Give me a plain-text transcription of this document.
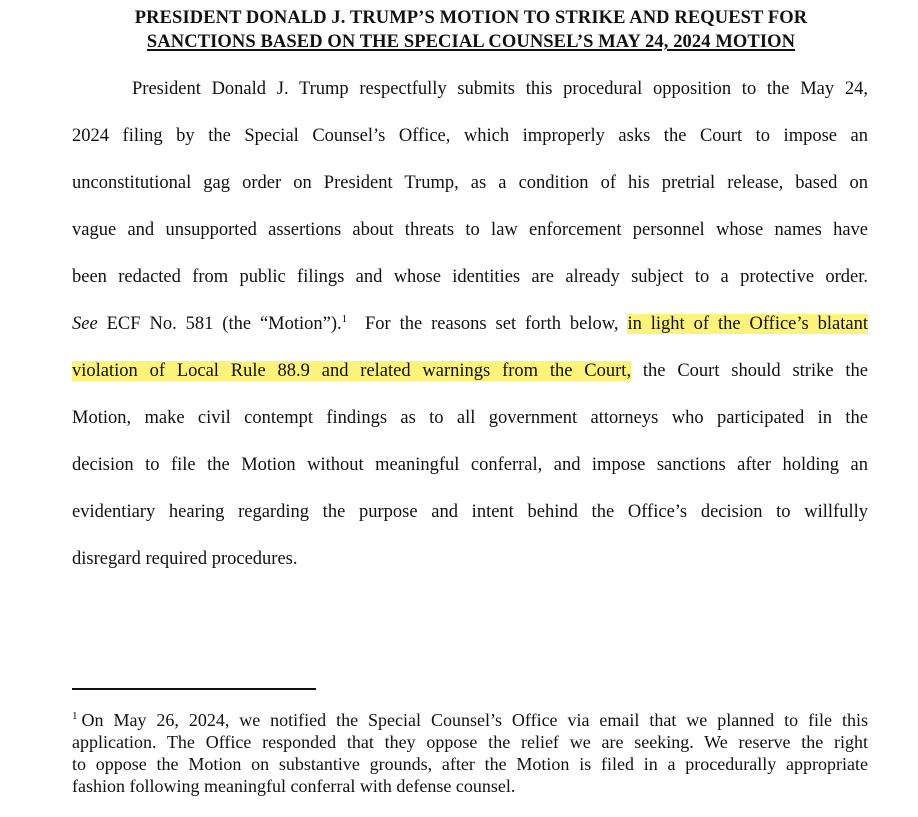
PRESIDENT DONALD J. TRUMP’S MOTION TO STRIKE AND REQUEST FOR
SANCTIONS BASED ON THE SPECIAL COUNSEL’S MAY 24, 2024 MOTION
President Donald J. Trump respectfully submits this procedural opposition to the May 24,
2024 filing by the Special Counsel’s Office, which improperly asks the Court to impose an
unconstitutional gag order on President Trump, as a condition of his pretrial release, based on
vague and unsupported assertions about threats to law enforcement personnel whose names have
been redacted from public filings and whose identities are already subject to a protective order.
See ECF No. 581 (the “Motion”).$^1$  For the reasons set forth below, in light of the Office’s blatant
violation of Local Rule 88.9 and related warnings from the Court, the Court should strike the
Motion, make civil contempt findings as to all government attorneys who participated in the
decision to file the Motion without meaningful conferral, and impose sanctions after holding an
evidentiary hearing regarding the purpose and intent behind the Office’s decision to willfully
disregard required procedures.
$^1$ On May 26, 2024, we notified the Special Counsel’s Office via email that we planned to file this
application. The Office responded that they oppose the relief we are seeking. We reserve the right
to oppose the Motion on substantive grounds, after the Motion is filed in a procedurally appropriate
fashion following meaningful conferral with defense counsel.
